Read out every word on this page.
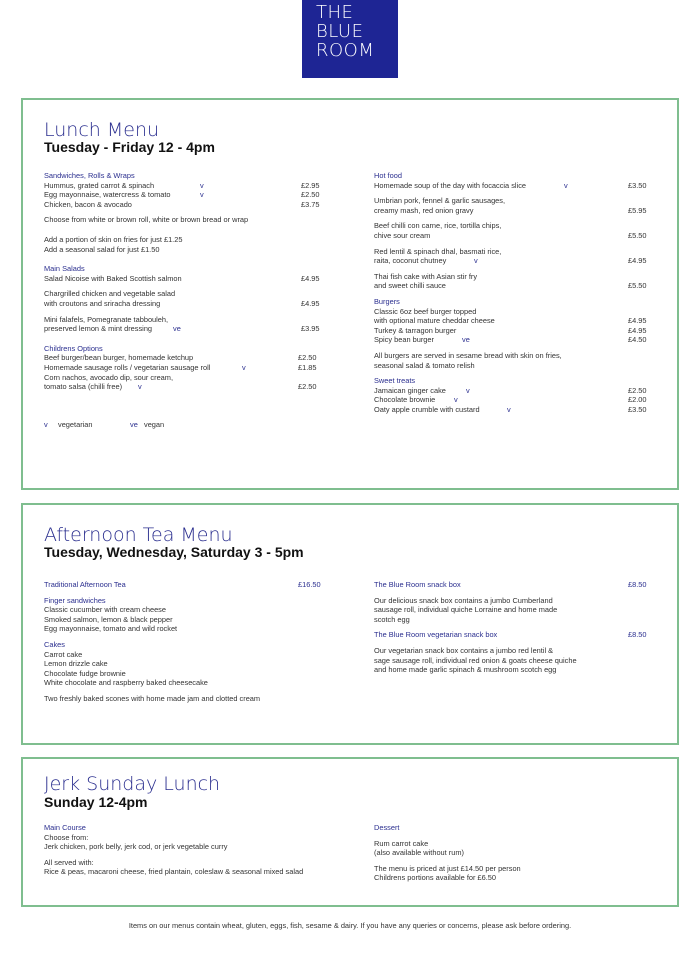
THE
BLUE
ROOM
Lunch Menu
Tuesday - Friday 12 - 4pm
Sandwiches, Rolls & Wraps
Hummus, grated carrot & spinach	v	£2.95
Egg mayonnaise, watercress & tomato	v	£2.50
Chicken, bacon & avocado	£3.75
Choose from white or brown roll, white or brown bread or wrap
Add a portion of skin on fries for just £1.25
Add a seasonal salad for just £1.50
Main Salads
Salad Nicoise with Baked Scottish salmon	£4.95
Chargrilled chicken and vegetable salad
with croutons and sriracha dressing	£4.95
Mini falafels, Pomegranate tabbouleh,
preserved lemon & mint dressing	ve	£3.95
Childrens Options
Beef burger/bean burger, homemade ketchup	£2.50
Homemade sausage rolls / vegetarian sausage roll	v	£1.85
Corn nachos, avocado dip, sour cream,
tomato salsa (chilli free) v	£2.50
v vegetarian	ve vegan

Hot food
Homemade soup of the day with focaccia slice	v	£3.50
Umbrian pork, fennel & garlic sausages,
creamy mash, red onion gravy	£5.95
Beef chilli con carne, rice, tortilla chips,
chive sour cream	£5.50
Red lentil & spinach dhal, basmati rice,
raita, coconut chutney	v	£4.95
Thai fish cake with Asian stir fry
and sweet chilli sauce	£5.50
Burgers
Classic 6oz beef burger topped
with optional mature cheddar cheese	£4.95
Turkey & tarragon burger	£4.95
Spicy bean burger	ve	£4.50
All burgers are served in sesame bread with skin on fries,
seasonal salad & tomato relish
Sweet treats
Jamaican ginger cake	v	£2.50
Chocolate brownie	v	£2.00
Oaty apple crumble with custard	v	£3.50
Afternoon Tea Menu
Tuesday, Wednesday, Saturday 3 - 5pm
Traditional Afternoon Tea	£16.50
Finger sandwiches
Classic cucumber with cream cheese
Smoked salmon, lemon & black pepper
Egg mayonnaise, tomato and wild rocket
Cakes
Carrot cake
Lemon drizzle cake
Chocolate fudge brownie
White chocolate and raspberry baked cheesecake
Two freshly baked scones with home made jam and clotted cream
The Blue Room snack box	£8.50
Our delicious snack box contains a jumbo Cumberland
sausage roll, individual quiche Lorraine and home made
scotch egg
The Blue Room vegetarian snack box	£8.50
Our vegetarian snack box contains a jumbo red lentil &
sage sausage roll, individual red onion & goats cheese quiche
and home made garlic spinach & mushroom scotch egg
Jerk Sunday Lunch
Sunday 12-4pm
Main Course
Choose from:
Jerk chicken, pork belly, jerk cod, or jerk vegetable curry
All served with:
Rice & peas, macaroni cheese, fried plantain, coleslaw & seasonal mixed salad
Dessert
Rum carrot cake
(also available without rum)
The menu is priced at just £14.50 per person
Childrens portions available for £6.50
Items on our menus contain wheat, gluten, eggs, fish, sesame & dairy. If you have any queries or concerns, please ask before ordering.
